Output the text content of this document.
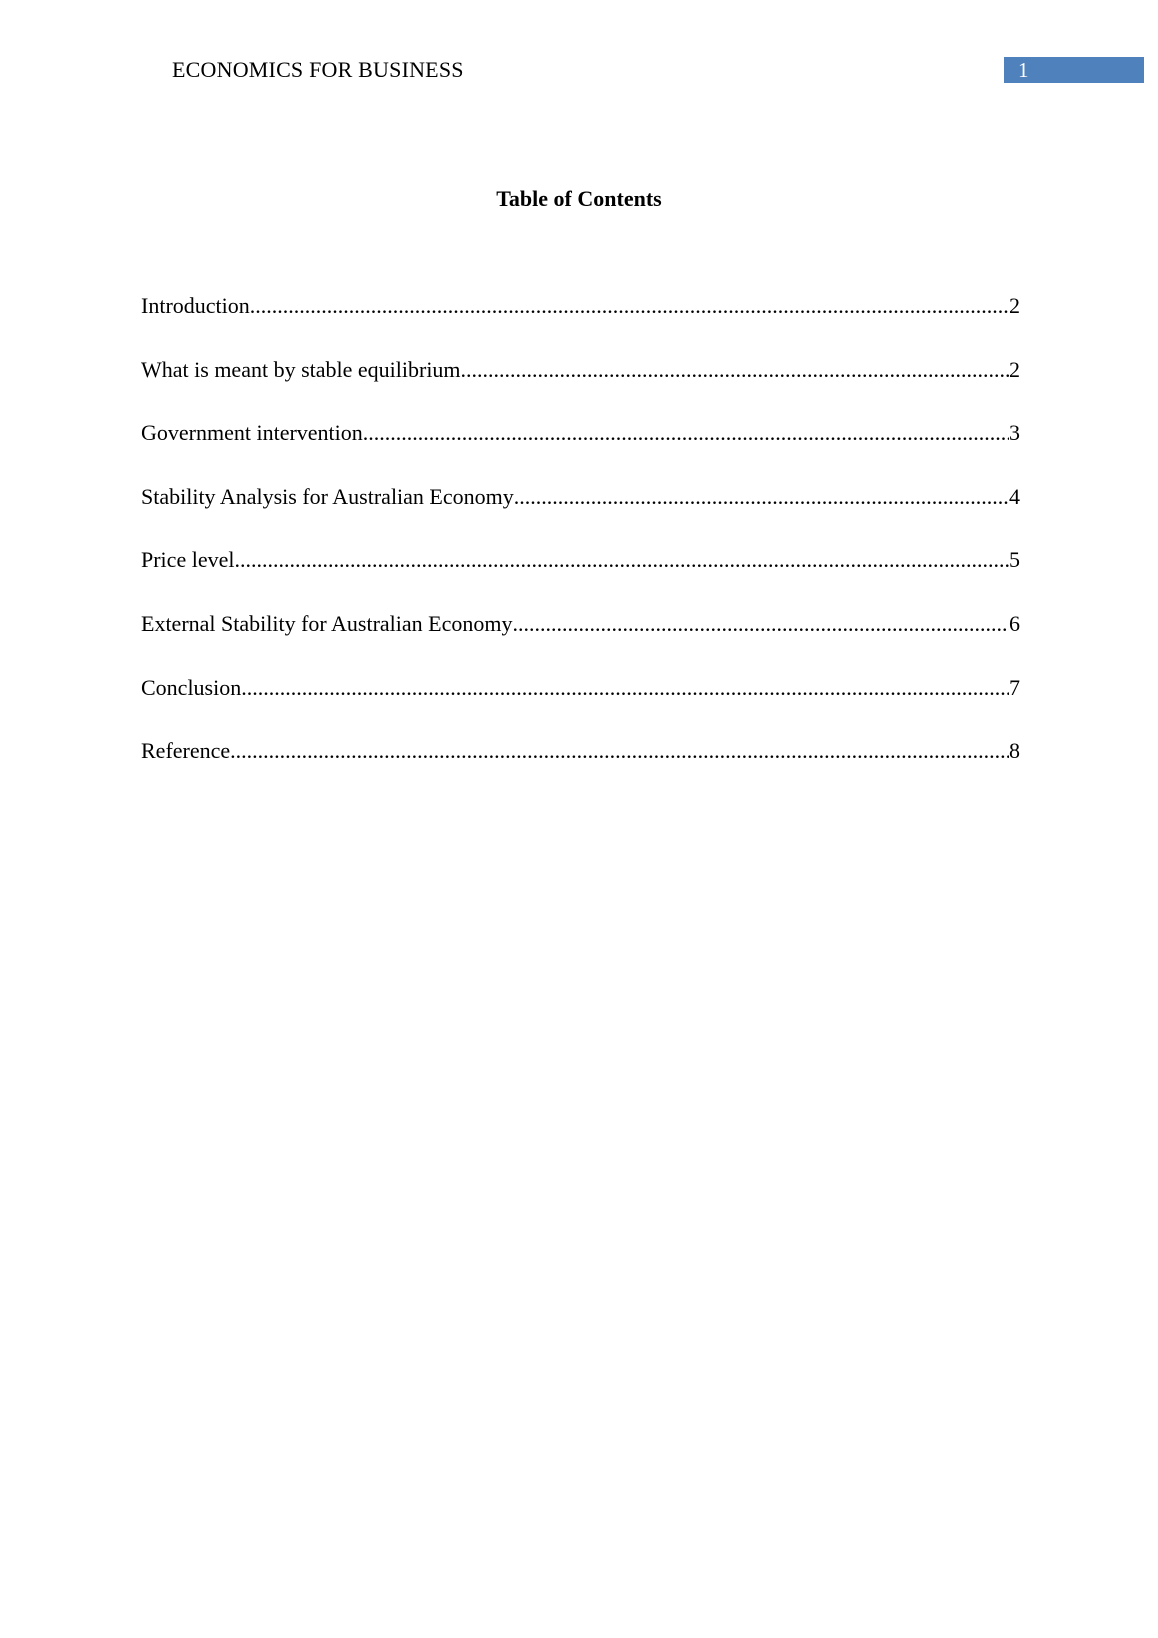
ECONOMICS FOR BUSINESS	1
Table of Contents
Introduction .....	2
What is meant by stable equilibrium .....	2
Government intervention .....	3
Stability Analysis for Australian Economy .....	4
Price level .....	5
External Stability for Australian Economy .....	6
Conclusion .....	7
Reference .....	8
